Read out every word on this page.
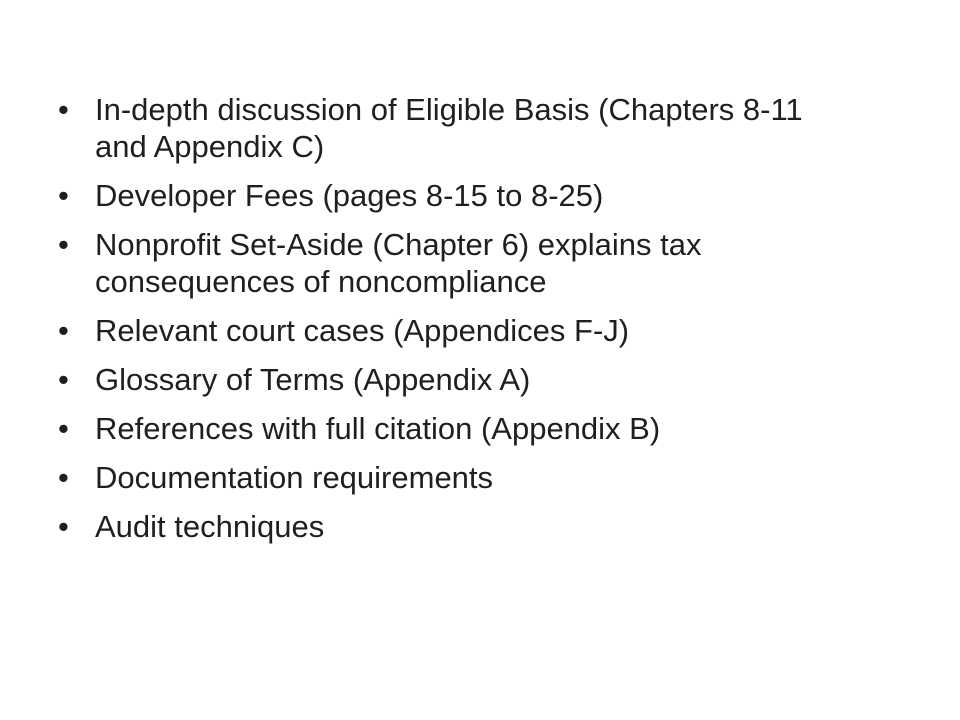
• In-depth discussion of Eligible Basis (Chapters 8-11 and Appendix C)
• Developer Fees (pages 8-15 to 8-25)
• Nonprofit Set-Aside (Chapter 6) explains tax consequences of noncompliance
• Relevant court cases (Appendices F-J)
• Glossary of Terms (Appendix A)
• References with full citation (Appendix B)
• Documentation requirements
• Audit techniques
